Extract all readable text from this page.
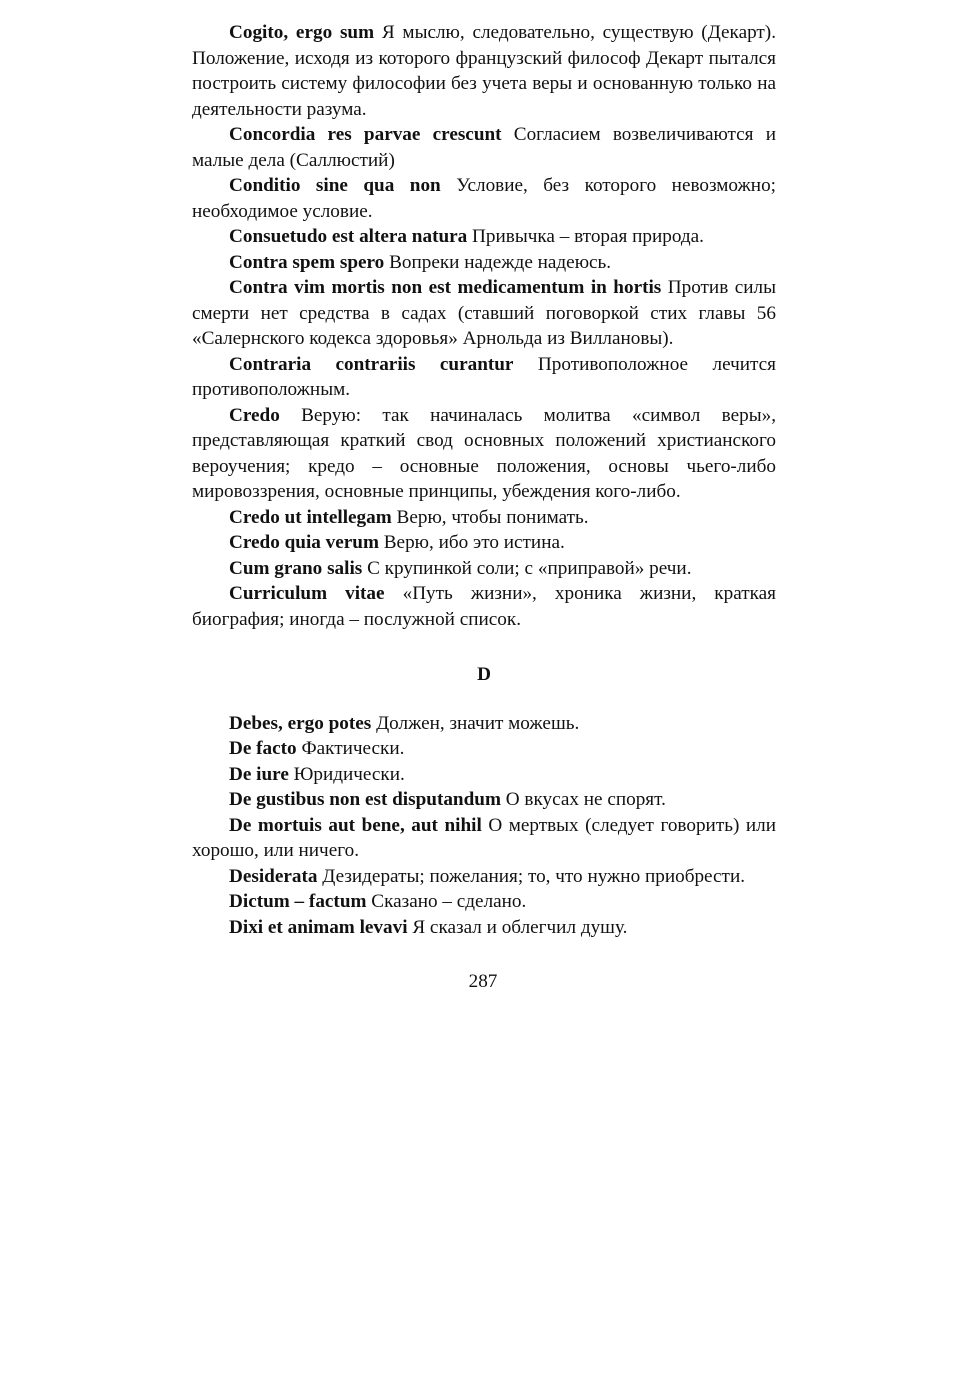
Cogito, ergo sum Я мыслю, следовательно, существую (Декарт). Положение, исходя из которого французский философ Декарт пытался построить систему философии без учета веры и основанную только на деятельности разума.

Concordia res parvae crescunt Согласием возвеличиваются и малые дела (Саллюстий)

Conditio sine qua non Условие, без которого невозможно; необходимое условие.

Consuetudo est altera natura Привычка – вторая природа.

Contra spem spero Вопреки надежде надеюсь.

Contra vim mortis non est medicamentum in hortis Против силы смерти нет средства в садах (ставший поговоркой стих главы 56 «Салернского кодекса здоровья» Арнольда из Вилланoвы).

Contraria contrariis curantur Противоположное лечится противоположным.

Credo Верую: так начиналась молитва «символ веры», представляющая краткий свод основных положений христианского вероучения; кредо – основные положения, основы чьего-либо мировоззрения, основные принципы, убеждения кого-либо.

Credo ut intellegam Верю, чтобы понимать.

Credo quia verum Верю, ибо это истина.

Cum grano salis С крупинкой соли; с «приправой» речи.

Curriculum vitae «Путь жизни», хроника жизни, краткая биография; иногда – послужной список.

D

Debes, ergo potes Должен, значит можешь.

De facto Фактически.

De iure Юридически.

De gustibus non est disputandum О вкусах не спорят.

De mortuis aut bene, aut nihil О мертвых (следует говорить) или хорошо, или ничего.

Desiderata Дезидераты; пожелания; то, что нужно приобрести.

Dictum – factum Сказано – сделано.

Dixi et animam levavi Я сказал и облегчил душу.

287
